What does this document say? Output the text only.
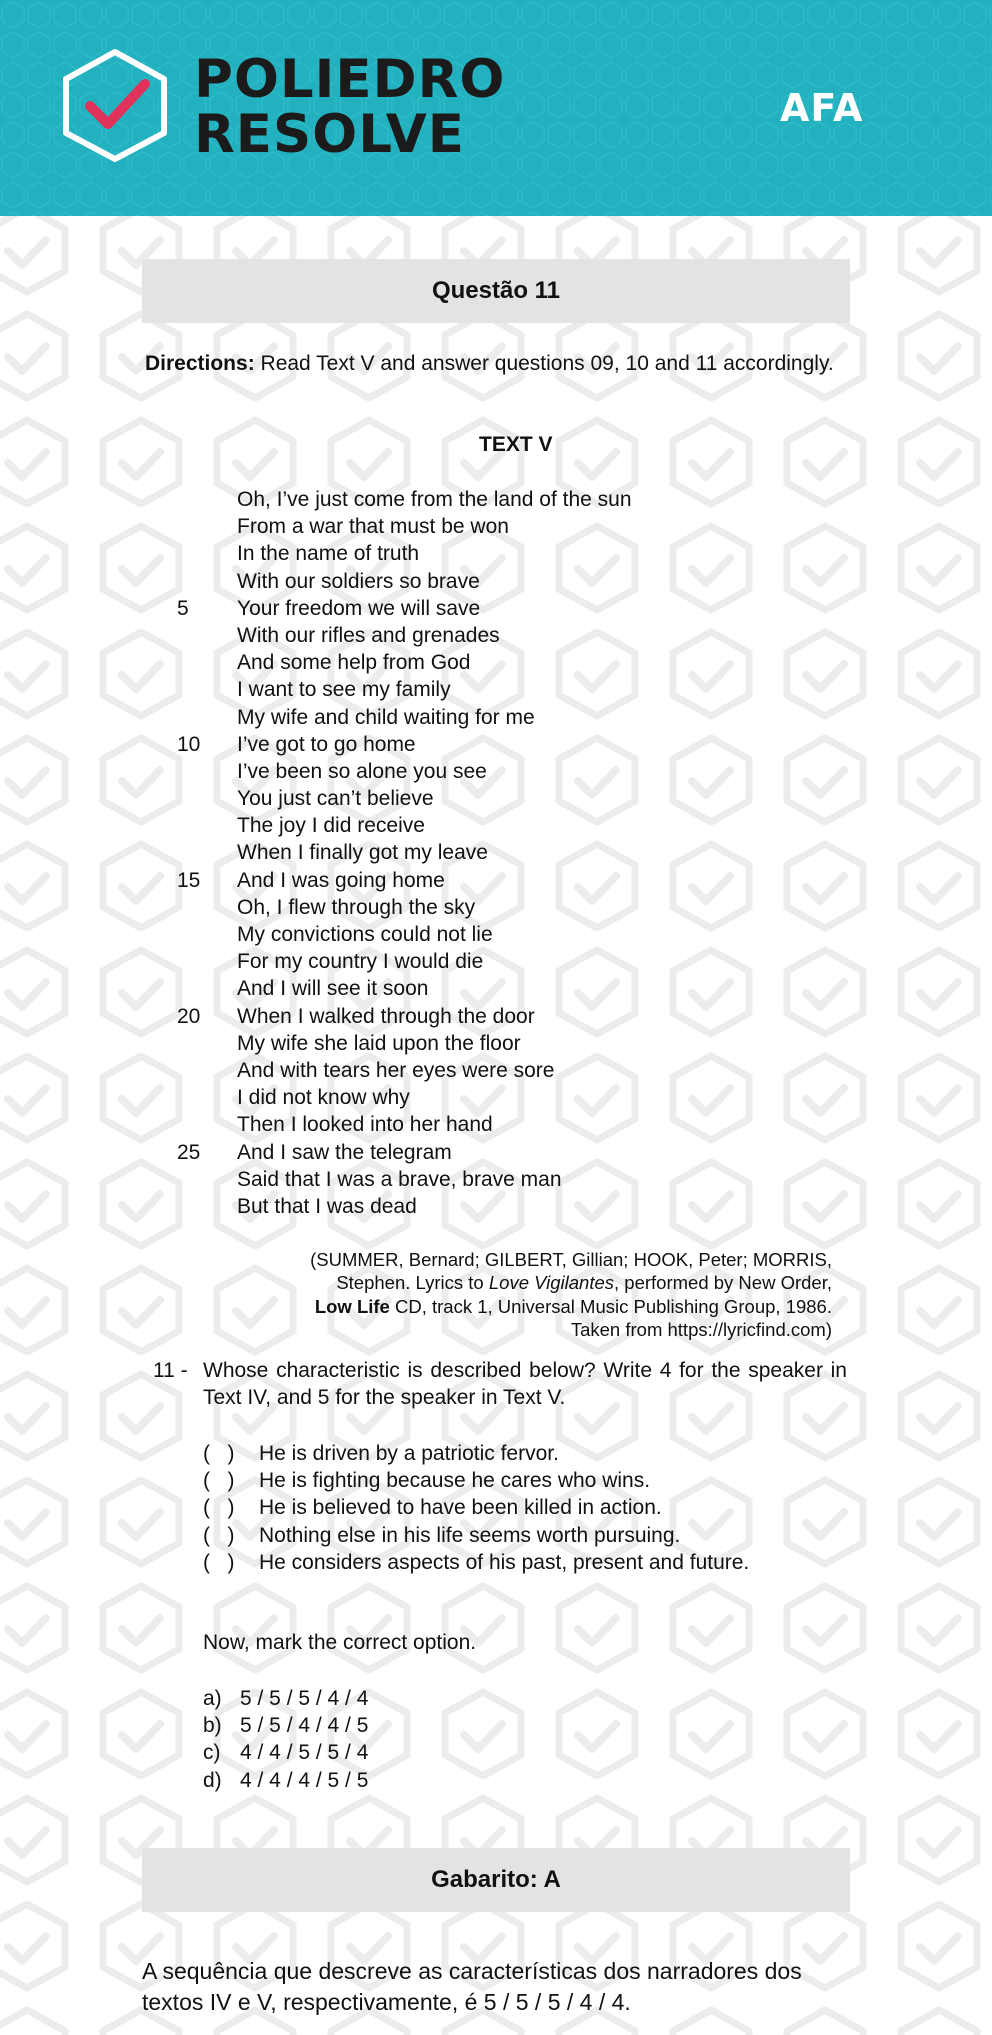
POLIEDRO
RESOLVE	AFA
Questão 11
Directions: Read Text V and answer questions 09, 10 and 11 accordingly.
TEXT V
Oh, I’ve just come from the land of the sun
From a war that must be won
In the name of truth
With our soldiers so brave
5	Your freedom we will save
With our rifles and grenades
And some help from God
I want to see my family
My wife and child waiting for me
10	I’ve got to go home
I’ve been so alone you see
You just can’t believe
The joy I did receive
When I finally got my leave
15	And I was going home
Oh, I flew through the sky
My convictions could not lie
For my country I would die
And I will see it soon
20	When I walked through the door
My wife she laid upon the floor
And with tears her eyes were sore
I did not know why
Then I looked into her hand
25	And I saw the telegram
Said that I was a brave, brave man
But that I was dead
(SUMMER, Bernard; GILBERT, Gillian; HOOK, Peter; MORRIS,
Stephen. Lyrics to Love Vigilantes, performed by New Order,
Low Life CD, track 1, Universal Music Publishing Group, 1986.
Taken from https://lyricfind.com)
11 - Whose characteristic is described below? Write 4 for the speaker in Text IV, and 5 for the speaker in Text V.
(   ) He is driven by a patriotic fervor.
(   ) He is fighting because he cares who wins.
(   ) He is believed to have been killed in action.
(   ) Nothing else in his life seems worth pursuing.
(   ) He considers aspects of his past, present and future.
Now, mark the correct option.
a) 5 / 5 / 5 / 4 / 4
b) 5 / 5 / 4 / 4 / 5
c) 4 / 4 / 5 / 5 / 4
d) 4 / 4 / 4 / 5 / 5
Gabarito: A
A sequência que descreve as características dos narradores dos textos IV e V, respectivamente, é 5 / 5 / 5 / 4 / 4.
